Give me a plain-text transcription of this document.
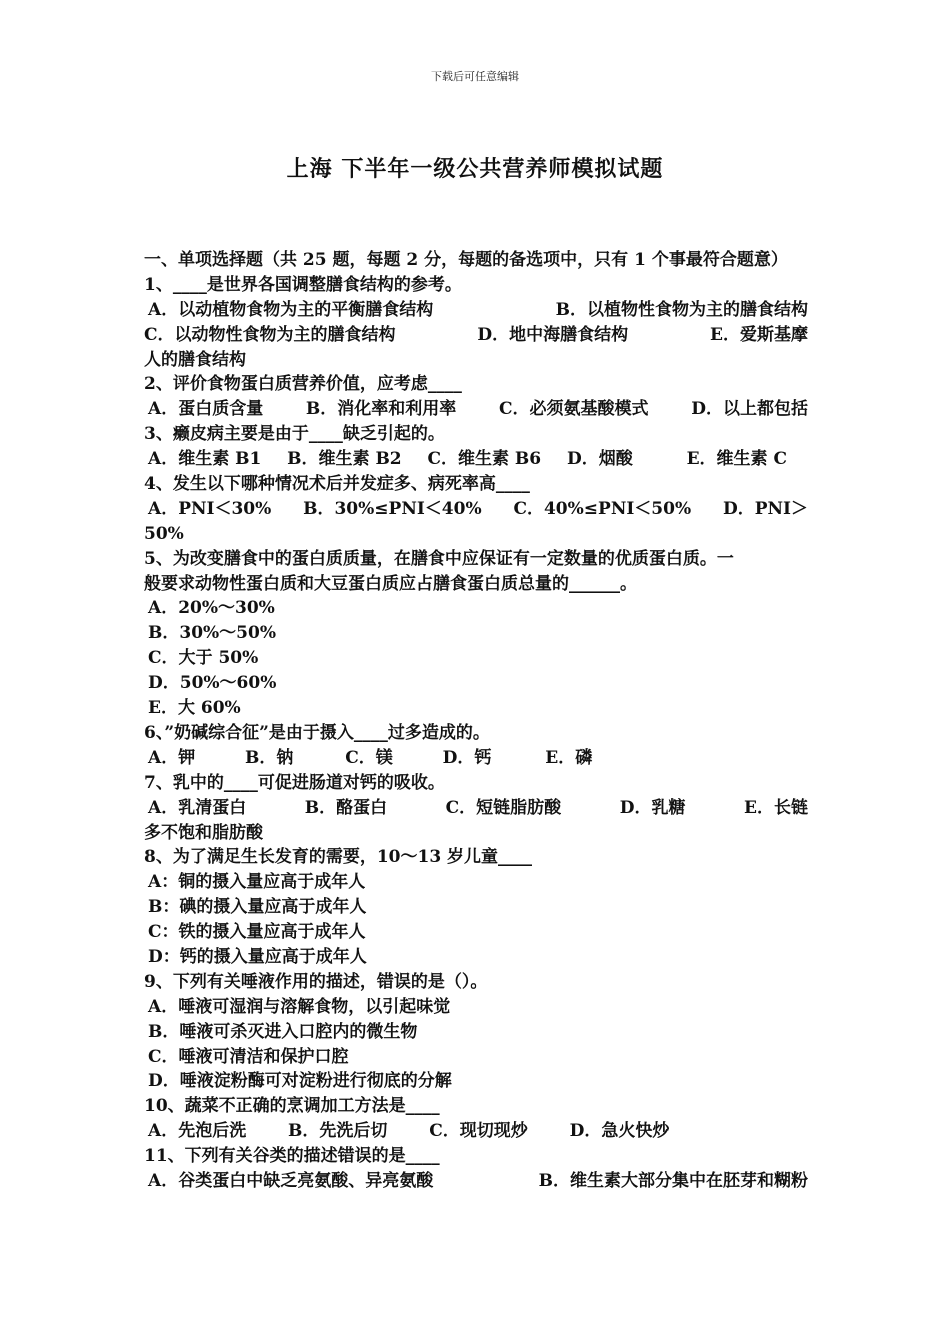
下载后可任意编辑
上海 下半年一级公共营养师模拟试题
一、单项选择题（共 25 题，每题 2 分，每题的备选项中，只有 1 个事最符合题意）
1、____是世界各国调整膳食结构的参考。
A．以动植物食物为主的平衡膳食结构	B．以植物性食物为主的膳食结构
C．以动物性食物为主的膳食结构	D．地中海膳食结构	E．爱斯基摩
人的膳食结构
2、评价食物蛋白质营养价值，应考虑____
A．蛋白质含量	B．消化率和利用率	C．必须氨基酸模式	D．以上都包括
3、癞皮病主要是由于____缺乏引起的。
A．维生素 B1 B．维生素 B2 C．维生素 B6 D．烟酸	E．维生素 C
4、发生以下哪种情况术后并发症多、病死率高____
A．PNI＜30% B．30%≤PNI＜40% C．40%≤PNI＜50% D．PNI＞
50%
5、为改变膳食中的蛋白质质量，在膳食中应保证有一定数量的优质蛋白质。一
般要求动物性蛋白质和大豆蛋白质应占膳食蛋白质总量的______。
A．20%～30%
B．30%～50%
C．大于 50%
D．50%～60%
E．大 60%
6、”奶碱综合征”是由于摄入____过多造成的。
A．钾	B．钠	C．镁	D．钙	E．磷
7、乳中的____可促进肠道对钙的吸收。
A．乳清蛋白	B．酪蛋白	C．短链脂肪酸	D．乳糖	E．长链
多不饱和脂肪酸
8、为了满足生长发育的需要，10～13 岁儿童____
A：铜的摄入量应高于成年人
B：碘的摄入量应高于成年人
C：铁的摄入量应高于成年人
D：钙的摄入量应高于成年人
9、下列有关唾液作用的描述，错误的是（）。
A．唾液可湿润与溶解食物，以引起味觉
B．唾液可杀灭进入口腔内的微生物
C．唾液可清洁和保护口腔
D．唾液淀粉酶可对淀粉进行彻底的分解
10、蔬菜不正确的烹调加工方法是____
A．先泡后洗 B．先洗后切 C．现切现炒 D．急火快炒
11、下列有关谷类的描述错误的是____
A．谷类蛋白中缺乏亮氨酸、异亮氨酸	B．维生素大部分集中在胚芽和糊粉
